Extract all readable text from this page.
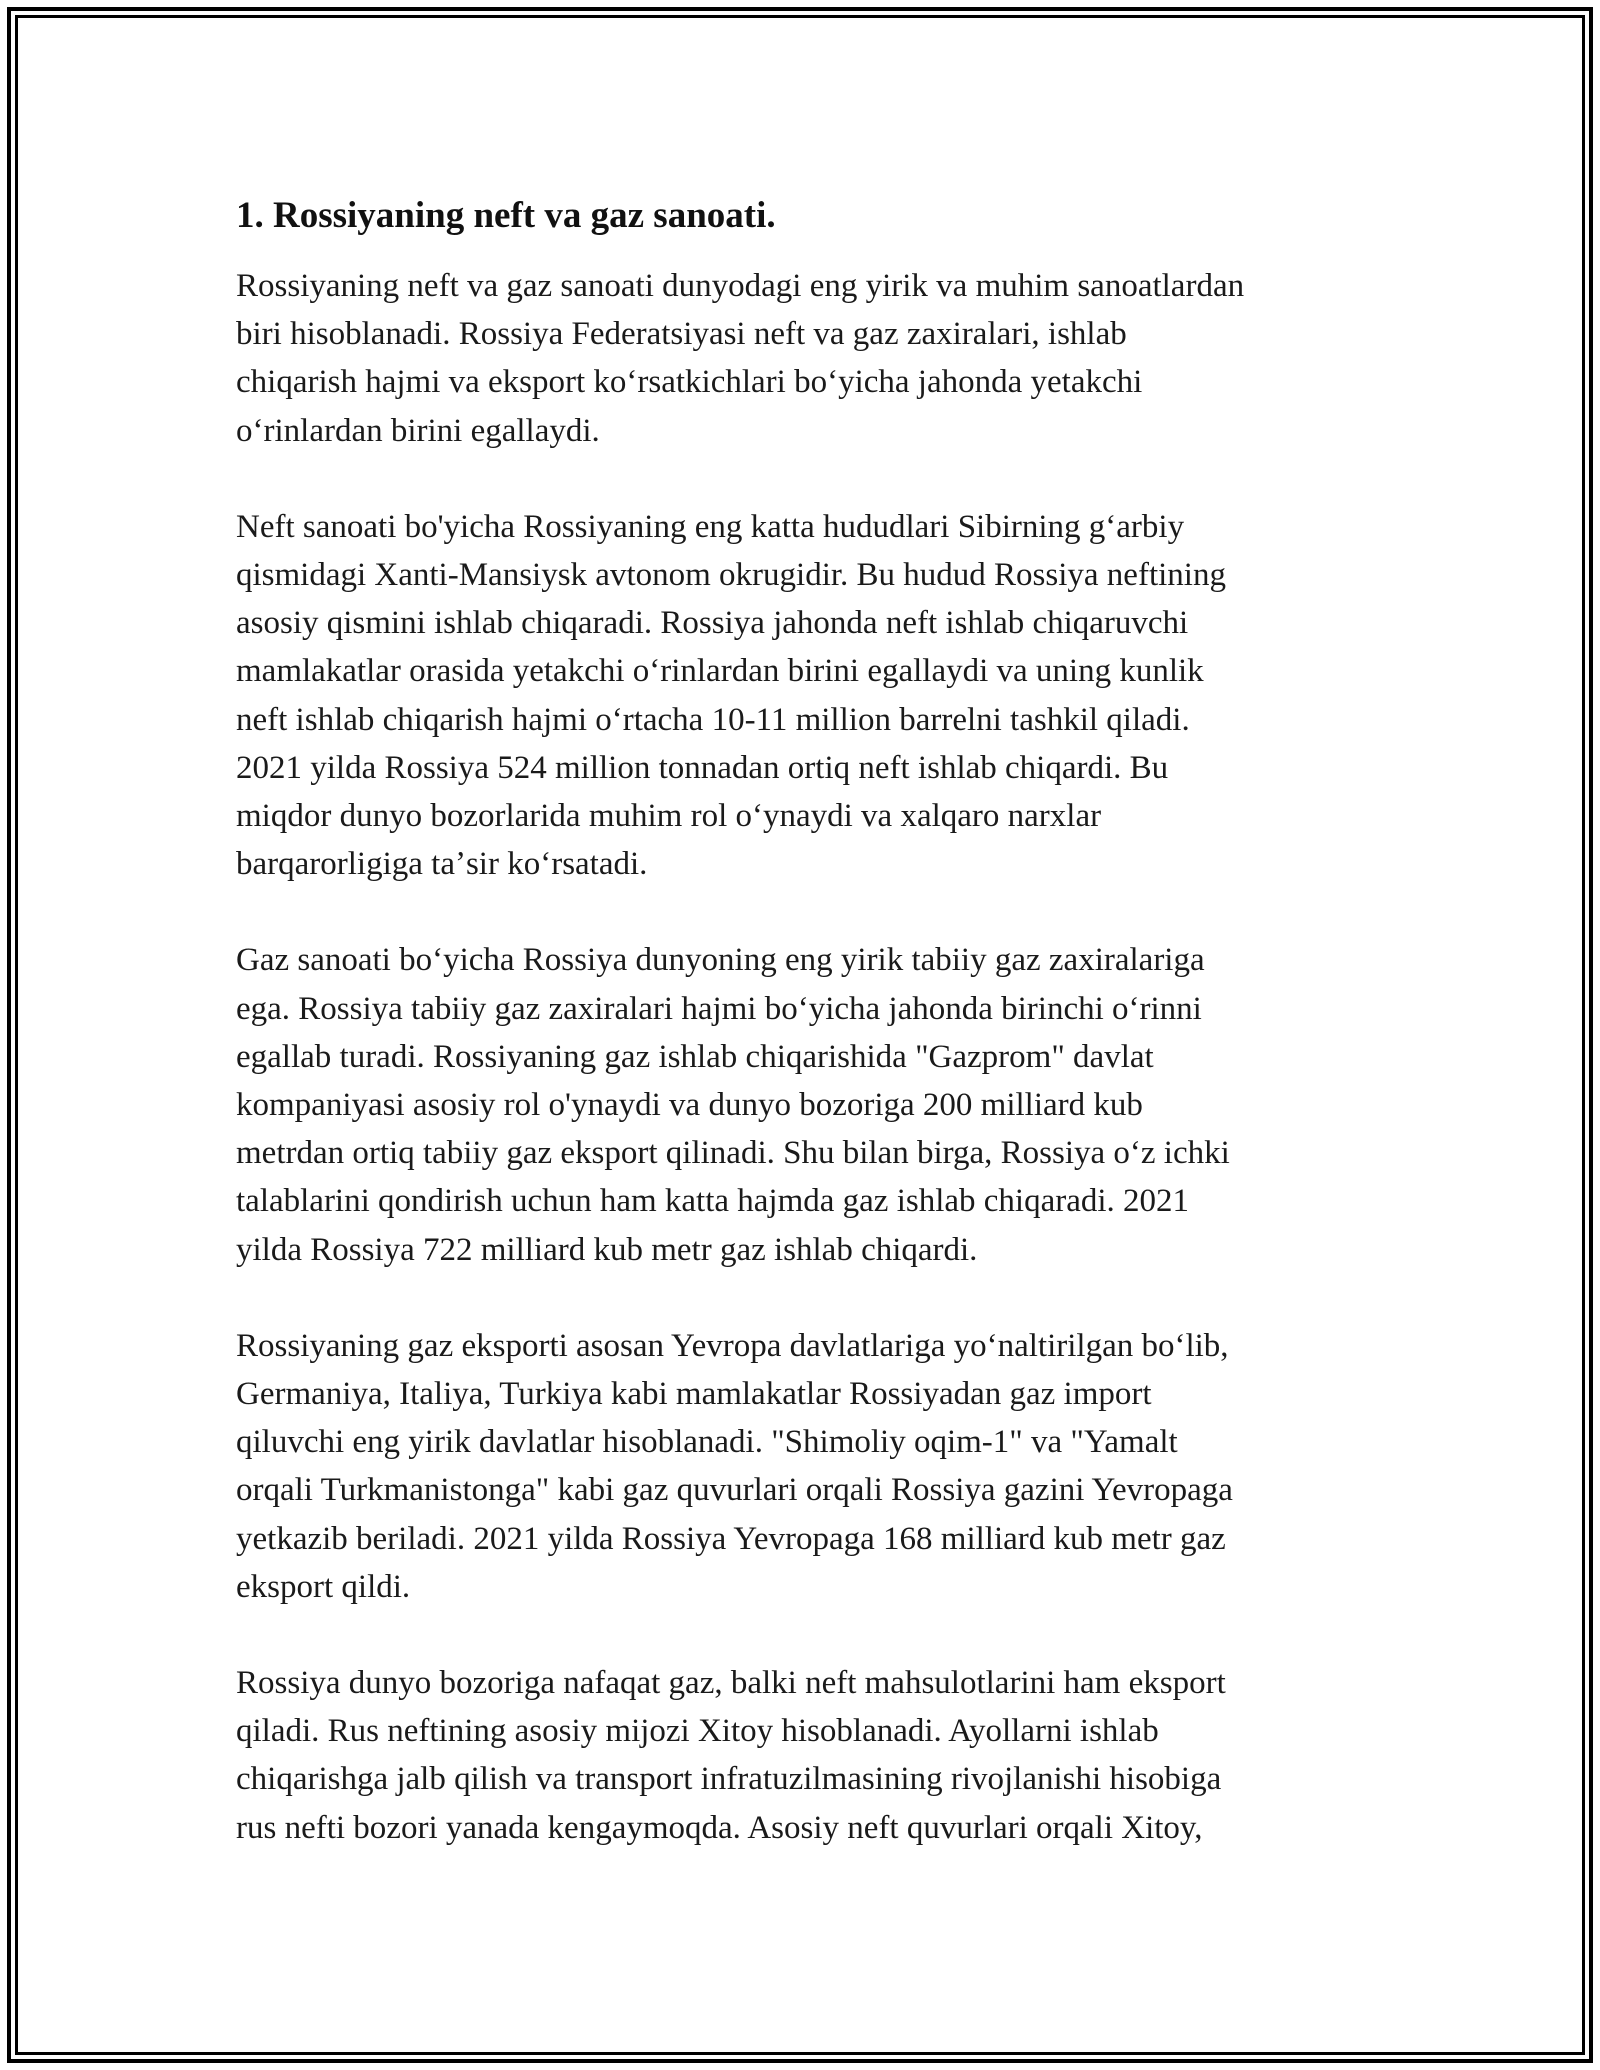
1. Rossiyaning neft va gaz sanoati.

Rossiyaning neft va gaz sanoati dunyodagi eng yirik va muhim sanoatlardan
biri hisoblanadi. Rossiya Federatsiyasi neft va gaz zaxiralari, ishlab
chiqarish hajmi va eksport koʻrsatkichlari boʻyicha jahonda yetakchi
oʻrinlardan birini egallaydi.

Neft sanoati bo'yicha Rossiyaning eng katta hududlari Sibirning gʻarbiy
qismidagi Xanti-Mansiysk avtonom okrugidir. Bu hudud Rossiya neftining
asosiy qismini ishlab chiqaradi. Rossiya jahonda neft ishlab chiqaruvchi
mamlakatlar orasida yetakchi oʻrinlardan birini egallaydi va uning kunlik
neft ishlab chiqarish hajmi oʻrtacha 10-11 million barrelni tashkil qiladi.
2021 yilda Rossiya 524 million tonnadan ortiq neft ishlab chiqardi. Bu
miqdor dunyo bozorlarida muhim rol oʻynaydi va xalqaro narxlar
barqarorligiga taʼsir koʻrsatadi.

Gaz sanoati boʻyicha Rossiya dunyoning eng yirik tabiiy gaz zaxiralariga
ega. Rossiya tabiiy gaz zaxiralari hajmi boʻyicha jahonda birinchi oʻrinni
egallab turadi. Rossiyaning gaz ishlab chiqarishida "Gazprom" davlat
kompaniyasi asosiy rol o'ynaydi va dunyo bozoriga 200 milliard kub
metrdan ortiq tabiiy gaz eksport qilinadi. Shu bilan birga, Rossiya oʻz ichki
talablarini qondirish uchun ham katta hajmda gaz ishlab chiqaradi. 2021
yilda Rossiya 722 milliard kub metr gaz ishlab chiqardi.

Rossiyaning gaz eksporti asosan Yevropa davlatlariga yoʻnaltirilgan boʻlib,
Germaniya, Italiya, Turkiya kabi mamlakatlar Rossiyadan gaz import
qiluvchi eng yirik davlatlar hisoblanadi. "Shimoliy oqim-1" va "Yamalt
orqali Turkmanistonga" kabi gaz quvurlari orqali Rossiya gazini Yevropaga
yetkazib beriladi. 2021 yilda Rossiya Yevropaga 168 milliard kub metr gaz
eksport qildi.

Rossiya dunyo bozoriga nafaqat gaz, balki neft mahsulotlarini ham eksport
qiladi. Rus neftining asosiy mijozi Xitoy hisoblanadi. Ayollarni ishlab
chiqarishga jalb qilish va transport infratuzilmasining rivojlanishi hisobiga
rus nefti bozori yanada kengaymoqda. Asosiy neft quvurlari orqali Xitoy,
